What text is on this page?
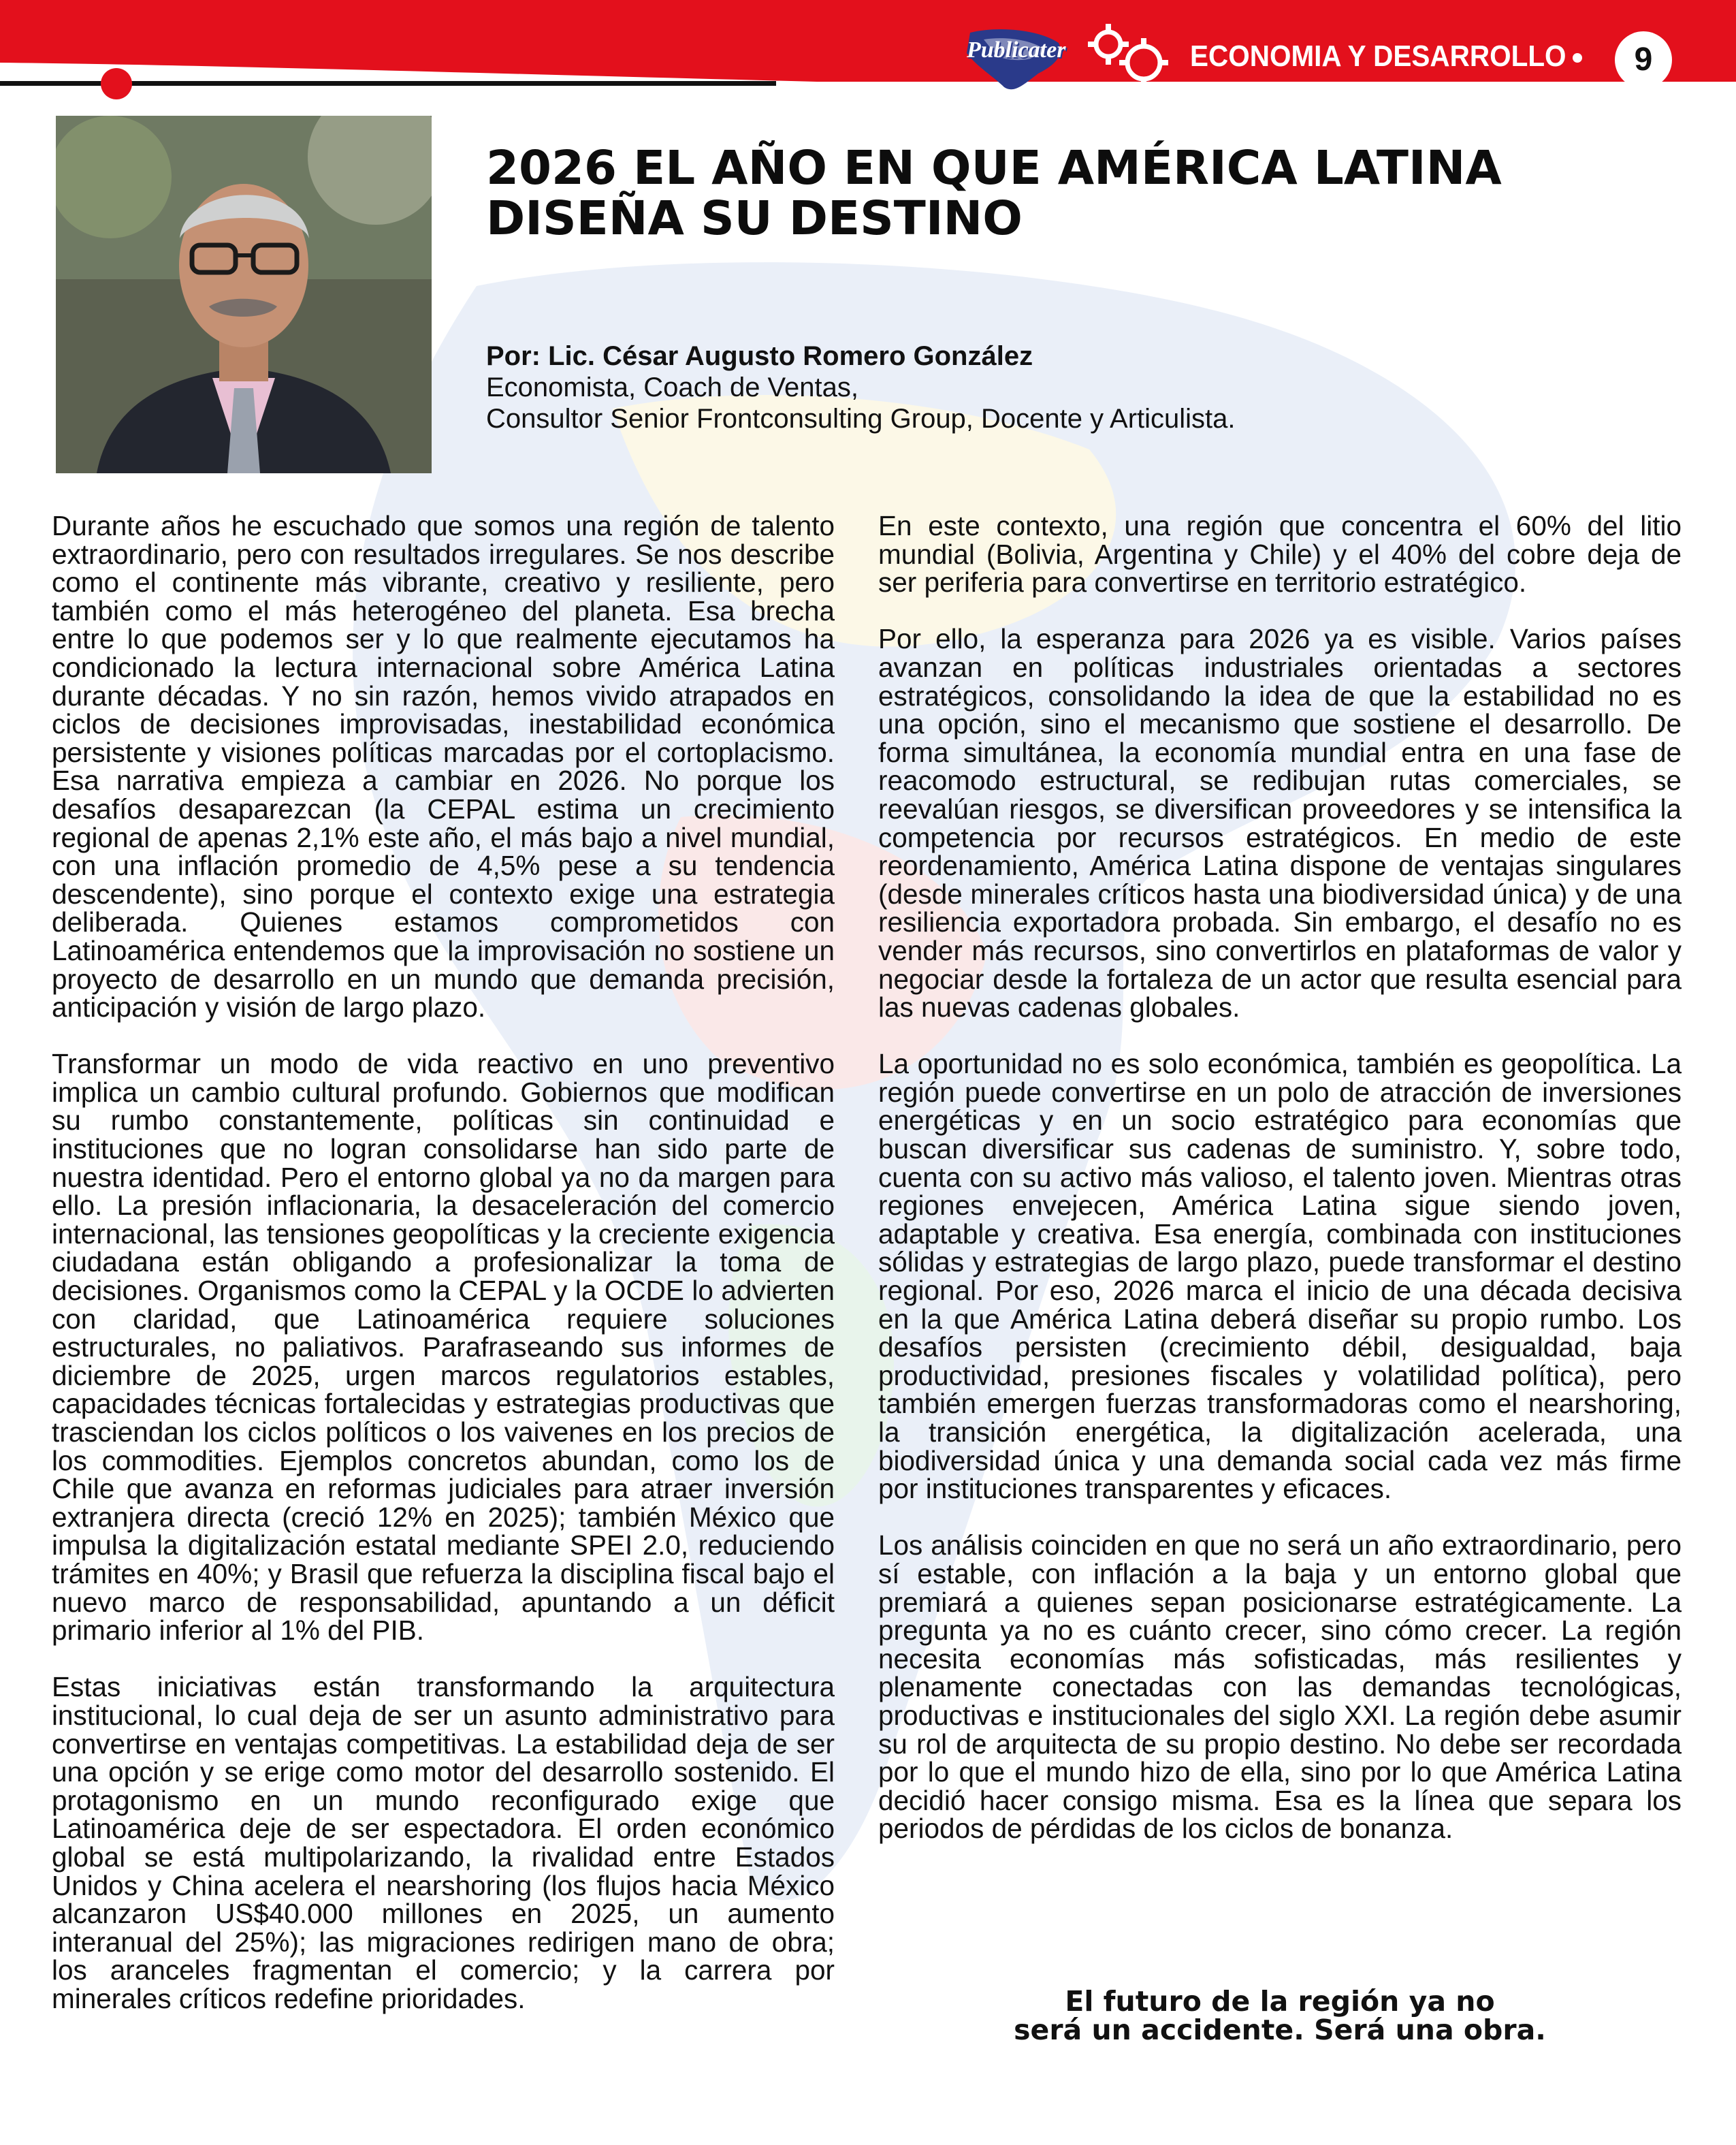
Publicater	ECONOMIA Y DESARROLLO	9
2026 EL AÑO EN QUE AMÉRICA LATINA
DISEÑA SU DESTINO
Por: Lic. César Augusto Romero González
Economista, Coach de Ventas,
Consultor Senior Frontconsulting Group, Docente y Articulista.

Durante años he escuchado que somos una región de talento extraordinario, pero con resultados irregulares. Se nos describe como el continente más vibrante, creativo y resiliente, pero también como el más heterogéneo del planeta. Esa brecha entre lo que podemos ser y lo que realmente ejecutamos ha condicionado la lectura internacional sobre América Latina durante décadas. Y no sin razón, hemos vivido atrapados en ciclos de decisiones improvisadas, inestabilidad económica persistente y visiones políticas marcadas por el cortoplacismo. Esa narrativa empieza a cambiar en 2026. No porque los desafíos desaparezcan (la CEPAL estima un crecimiento regional de apenas 2,1% este año, el más bajo a nivel mundial, con una inflación promedio de 4,5% pese a su tendencia descendente), sino porque el contexto exige una estrategia deliberada. Quienes estamos comprometidos con Latinoamérica entendemos que la improvisación no sostiene un proyecto de desarrollo en un mundo que demanda precisión, anticipación y visión de largo plazo.

Transformar un modo de vida reactivo en uno preventivo implica un cambio cultural profundo. Gobiernos que modifican su rumbo constantemente, políticas sin continuidad e instituciones que no logran consolidarse han sido parte de nuestra identidad. Pero el entorno global ya no da margen para ello. La presión inflacionaria, la desaceleración del comercio internacional, las tensiones geopolíticas y la creciente exigencia ciudadana están obligando a profesionalizar la toma de decisiones. Organismos como la CEPAL y la OCDE lo advierten con claridad, que Latinoamérica requiere soluciones estructurales, no paliativos. Parafraseando sus informes de diciembre de 2025, urgen marcos regulatorios estables, capacidades técnicas fortalecidas y estrategias productivas que trasciendan los ciclos políticos o los vaivenes en los precios de los commodities. Ejemplos concretos abundan, como los de Chile que avanza en reformas judiciales para atraer inversión extranjera directa (creció 12% en 2025); también México que impulsa la digitalización estatal mediante SPEI 2.0, reduciendo trámites en 40%; y Brasil que refuerza la disciplina fiscal bajo el nuevo marco de responsabilidad, apuntando a un déficit primario inferior al 1% del PIB.

Estas iniciativas están transformando la arquitectura institucional, lo cual deja de ser un asunto administrativo para convertirse en ventajas competitivas. La estabilidad deja de ser una opción y se erige como motor del desarrollo sostenido. El protagonismo en un mundo reconfigurado exige que Latinoamérica deje de ser espectadora. El orden económico global se está multipolarizando, la rivalidad entre Estados Unidos y China acelera el nearshoring (los flujos hacia México alcanzaron US$40.000 millones en 2025, un aumento interanual del 25%); las migraciones redirigen mano de obra; los aranceles fragmentan el comercio; y la carrera por minerales críticos redefine prioridades.

En este contexto, una región que concentra el 60% del litio mundial (Bolivia, Argentina y Chile) y el 40% del cobre deja de ser periferia para convertirse en territorio estratégico.

Por ello, la esperanza para 2026 ya es visible. Varios países avanzan en políticas industriales orientadas a sectores estratégicos, consolidando la idea de que la estabilidad no es una opción, sino el mecanismo que sostiene el desarrollo. De forma simultánea, la economía mundial entra en una fase de reacomodo estructural, se redibujan rutas comerciales, se reevalúan riesgos, se diversifican proveedores y se intensifica la competencia por recursos estratégicos. En medio de este reordenamiento, América Latina dispone de ventajas singulares (desde minerales críticos hasta una biodiversidad única) y de una resiliencia exportadora probada. Sin embargo, el desafío no es vender más recursos, sino convertirlos en plataformas de valor y negociar desde la fortaleza de un actor que resulta esencial para las nuevas cadenas globales.

La oportunidad no es solo económica, también es geopolítica. La región puede convertirse en un polo de atracción de inversiones energéticas y en un socio estratégico para economías que buscan diversificar sus cadenas de suministro. Y, sobre todo, cuenta con su activo más valioso, el talento joven. Mientras otras regiones envejecen, América Latina sigue siendo joven, adaptable y creativa. Esa energía, combinada con instituciones sólidas y estrategias de largo plazo, puede transformar el destino regional. Por eso, 2026 marca el inicio de una década decisiva en la que América Latina deberá diseñar su propio rumbo. Los desafíos persisten (crecimiento débil, desigualdad, baja productividad, presiones fiscales y volatilidad política), pero también emergen fuerzas transformadoras como el nearshoring, la transición energética, la digitalización acelerada, una biodiversidad única y una demanda social cada vez más firme por instituciones transparentes y eficaces.

Los análisis coinciden en que no será un año extraordinario, pero sí estable, con inflación a la baja y un entorno global que premiará a quienes sepan posicionarse estratégicamente. La pregunta ya no es cuánto crecer, sino cómo crecer. La región necesita economías más sofisticadas, más resilientes y plenamente conectadas con las demandas tecnológicas, productivas e institucionales del siglo XXI. La región debe asumir su rol de arquitecta de su propio destino. No debe ser recordada por lo que el mundo hizo de ella, sino por lo que América Latina decidió hacer consigo misma. Esa es la línea que separa los periodos de pérdidas de los ciclos de bonanza.

El futuro de la región ya no
será un accidente. Será una obra.
